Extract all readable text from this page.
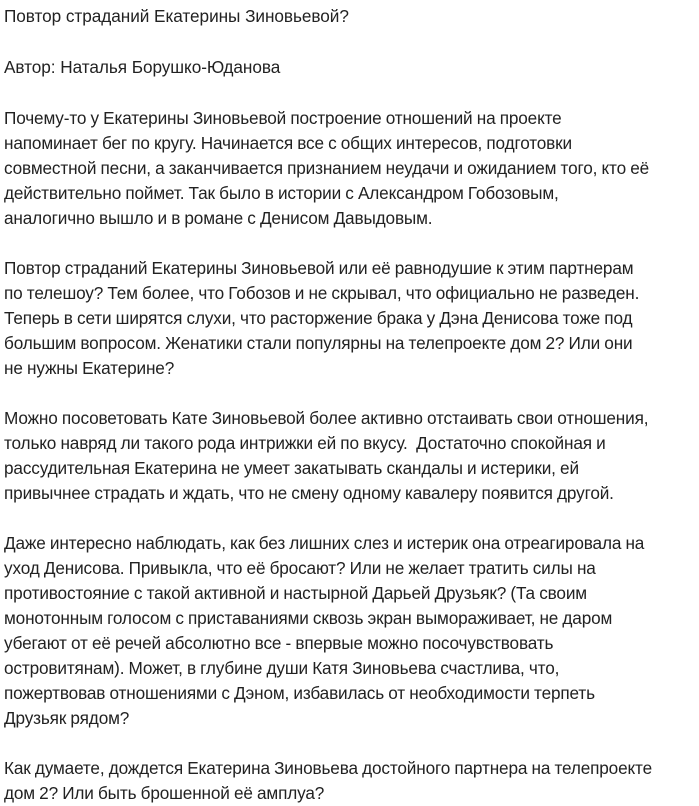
Повтор страданий Екатерины Зиновьевой?
Автор: Наталья Борушко-Юданова

Почему-то у Екатерины Зиновьевой построение отношений на проекте
напоминает бег по кругу. Начинается все с общих интересов, подготовки
совместной песни, а заканчивается признанием неудачи и ожиданием того, кто её
действительно поймет. Так было в истории с Александром Гобозовым,
аналогично вышло и в романе с Денисом Давыдовым.

Повтор страданий Екатерины Зиновьевой или её равнодушие к этим партнерам
по телешоу? Тем более, что Гобозов и не скрывал, что официально не разведен.
Теперь в сети ширятся слухи, что расторжение брака у Дэна Денисова тоже под
большим вопросом. Женатики стали популярны на телепроекте дом 2? Или они
не нужны Екатерине?

Можно посоветовать Кате Зиновьевой более активно отстаивать свои отношения,
только навряд ли такого рода интрижки ей по вкусу.  Достаточно спокойная и
рассудительная Екатерина не умеет закатывать скандалы и истерики, ей
привычнее страдать и ждать, что не смену одному кавалеру появится другой.

Даже интересно наблюдать, как без лишних слез и истерик она отреагировала на
уход Денисова. Привыкла, что её бросают? Или не желает тратить силы на
противостояние с такой активной и настырной Дарьей Друзьяк? (Та своим
монотонным голосом с приставаниями сквозь экран вымораживает, не даром
убегают от её речей абсолютно все - впервые можно посочувствовать
островитянам). Может, в глубине души Катя Зиновьева счастлива, что,
пожертвовав отношениями с Дэном, избавилась от необходимости терпеть
Друзьяк рядом?

Как думаете, дождется Екатерина Зиновьева достойного партнера на телепроекте
дом 2? Или быть брошенной её амплуа?
